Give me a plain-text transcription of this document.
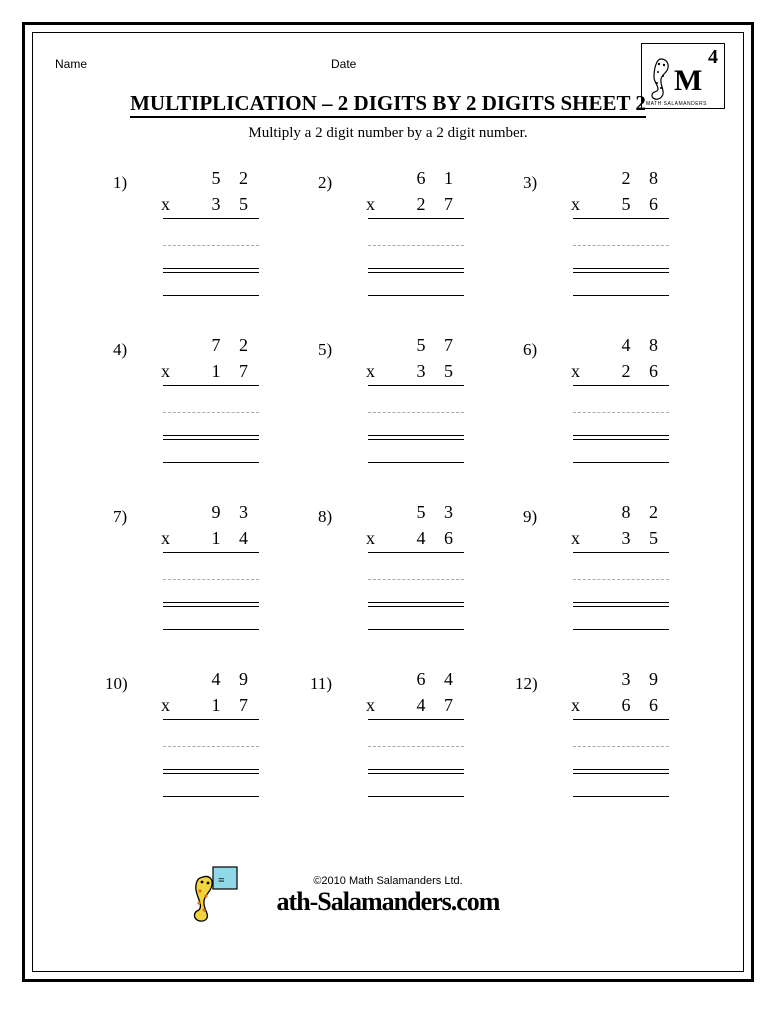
Name	Date	4
M
MATH SALAMANDERS
MULTIPLICATION – 2 DIGITS BY 2 DIGITS SHEET 2
Multiply a 2 digit number by a 2 digit number.
1)	5 2
x 3 5
2)	6 1
x 2 7
3)	2 8
x 5 6
4)	7 2
x 1 7
5)	5 7
x 3 5
6)	4 8
x 2 6
7)	9 3
x 1 4
8)	5 3
x 4 6
9)	8 2
x 3 5
10)	4 9
x 1 7
11)	6 4
x 4 7
12)	3 9
x 6 6
≡	©2010 Math Salamanders Ltd.
ath-Salamanders.com
